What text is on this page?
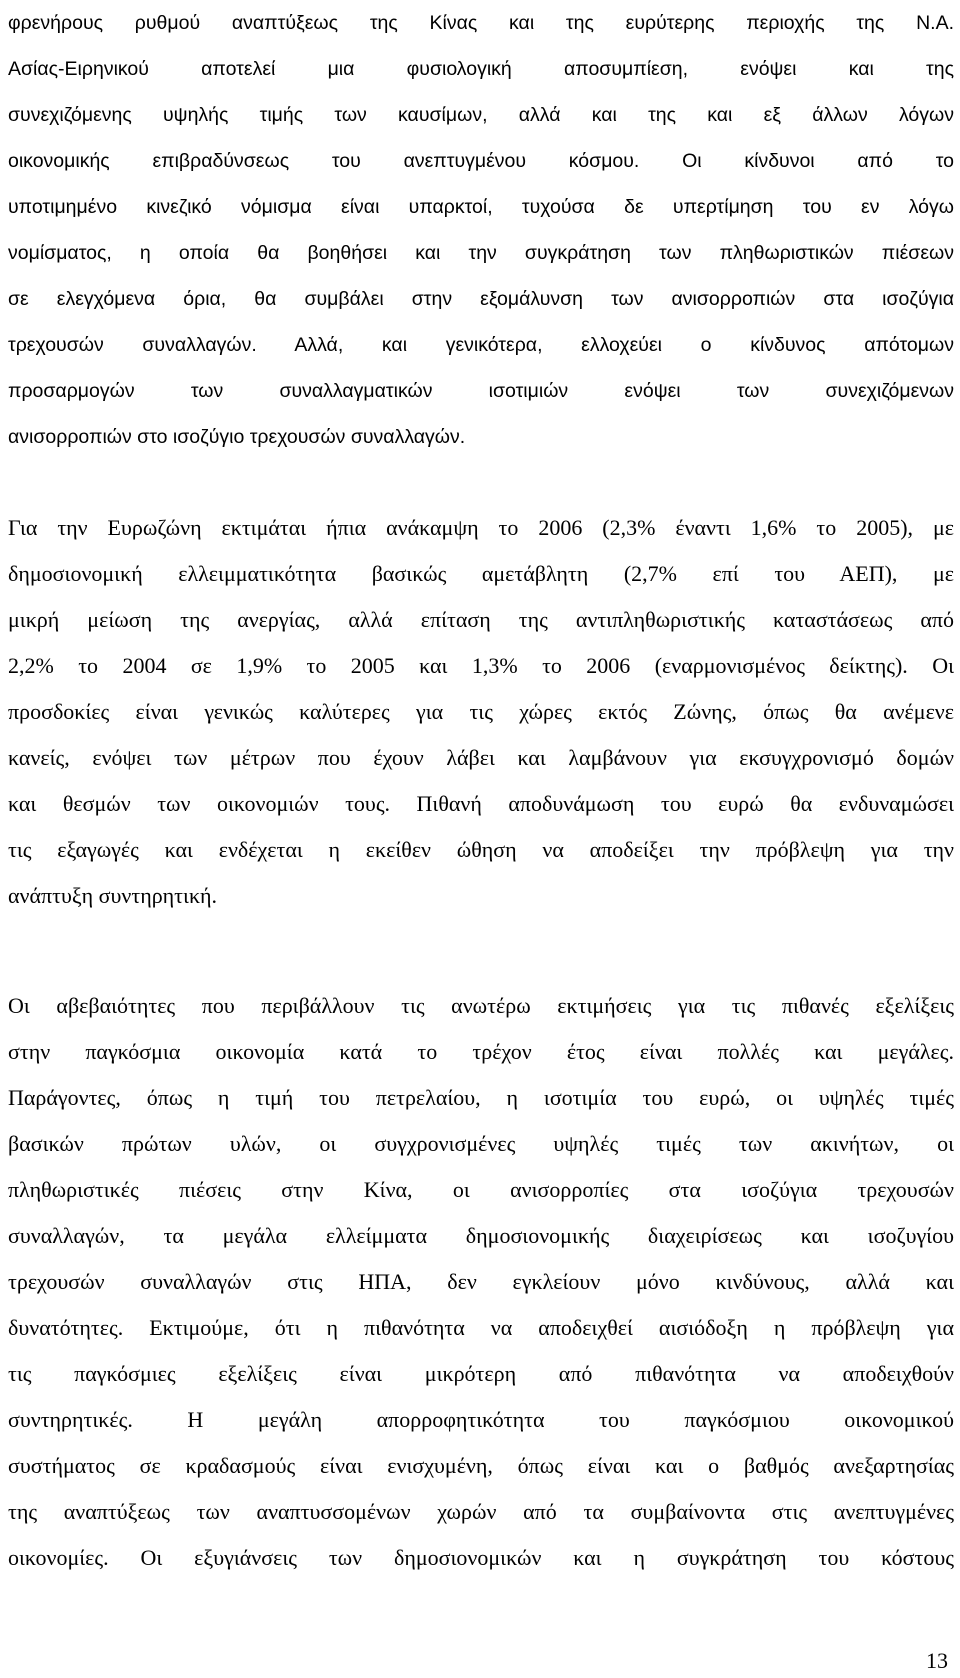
φρενήρους ρυθμού αναπτύξεως της Κίνας και της ευρύτερης περιοχής της Ν.Α.
Ασίας-Ειρηνικού αποτελεί μια φυσιολογική αποσυμπίεση, ενόψει και της
συνεχιζόμενης υψηλής τιμής των καυσίμων, αλλά και της και εξ άλλων λόγων
οικονομικής επιβραδύνσεως του ανεπτυγμένου κόσμου. Οι κίνδυνοι από το
υποτιμημένο κινεζικό νόμισμα είναι υπαρκτοί, τυχούσα δε υπερτίμηση του εν λόγω
νομίσματος, η οποία θα βοηθήσει και την συγκράτηση των πληθωριστικών πιέσεων
σε ελεγχόμενα όρια, θα συμβάλει στην εξομάλυνση των ανισορροπιών στα ισοζύγια
τρεχουσών συναλλαγών. Αλλά, και γενικότερα, ελλοχεύει ο κίνδυνος απότομων
προσαρμογών των συναλλαγματικών ισοτιμιών ενόψει των συνεχιζόμενων
ανισορροπιών στο ισοζύγιο τρεχουσών συναλλαγών.
Για την Ευρωζώνη εκτιμάται ήπια ανάκαμψη το 2006 (2,3% έναντι 1,6% το 2005), με
δημοσιονομική ελλειμματικότητα βασικώς αμετάβλητη (2,7% επί του ΑΕΠ), με
μικρή μείωση της ανεργίας, αλλά επίταση της αντιπληθωριστικής καταστάσεως από
2,2% το 2004 σε 1,9% το 2005 και 1,3% το 2006 (εναρμονισμένος δείκτης). Οι
προσδοκίες είναι γενικώς καλύτερες για τις χώρες εκτός Ζώνης, όπως θα ανέμενε
κανείς, ενόψει των μέτρων που έχουν λάβει και λαμβάνουν για εκσυγχρονισμό δομών
και θεσμών των οικονομιών τους. Πιθανή αποδυνάμωση του ευρώ θα ενδυναμώσει
τις εξαγωγές και ενδέχεται η εκείθεν ώθηση να αποδείξει την πρόβλεψη για την
ανάπτυξη συντηρητική.
Οι αβεβαιότητες που περιβάλλουν τις ανωτέρω εκτιμήσεις για τις πιθανές εξελίξεις
στην παγκόσμια οικονομία κατά το τρέχον έτος είναι πολλές και μεγάλες.
Παράγοντες, όπως η τιμή του πετρελαίου, η ισοτιμία του ευρώ, οι υψηλές τιμές
βασικών πρώτων υλών, οι συγχρονισμένες υψηλές τιμές των ακινήτων, οι
πληθωριστικές πιέσεις στην Κίνα, οι ανισορροπίες στα ισοζύγια τρεχουσών
συναλλαγών, τα μεγάλα ελλείμματα δημοσιονομικής διαχειρίσεως και ισοζυγίου
τρεχουσών συναλλαγών στις ΗΠΑ, δεν εγκλείουν μόνο κινδύνους, αλλά και
δυνατότητες. Εκτιμούμε, ότι η πιθανότητα να αποδειχθεί αισιόδοξη η πρόβλεψη για
τις παγκόσμιες εξελίξεις είναι μικρότερη από πιθανότητα να αποδειχθούν
συντηρητικές. Η μεγάλη απορροφητικότητα του παγκόσμιου οικονομικού
συστήματος σε κραδασμούς είναι ενισχυμένη, όπως είναι και ο βαθμός ανεξαρτησίας
της αναπτύξεως των αναπτυσσομένων χωρών από τα συμβαίνοντα στις ανεπτυγμένες
οικονομίες. Οι εξυγιάνσεις των δημοσιονομικών και η συγκράτηση του κόστους
13
